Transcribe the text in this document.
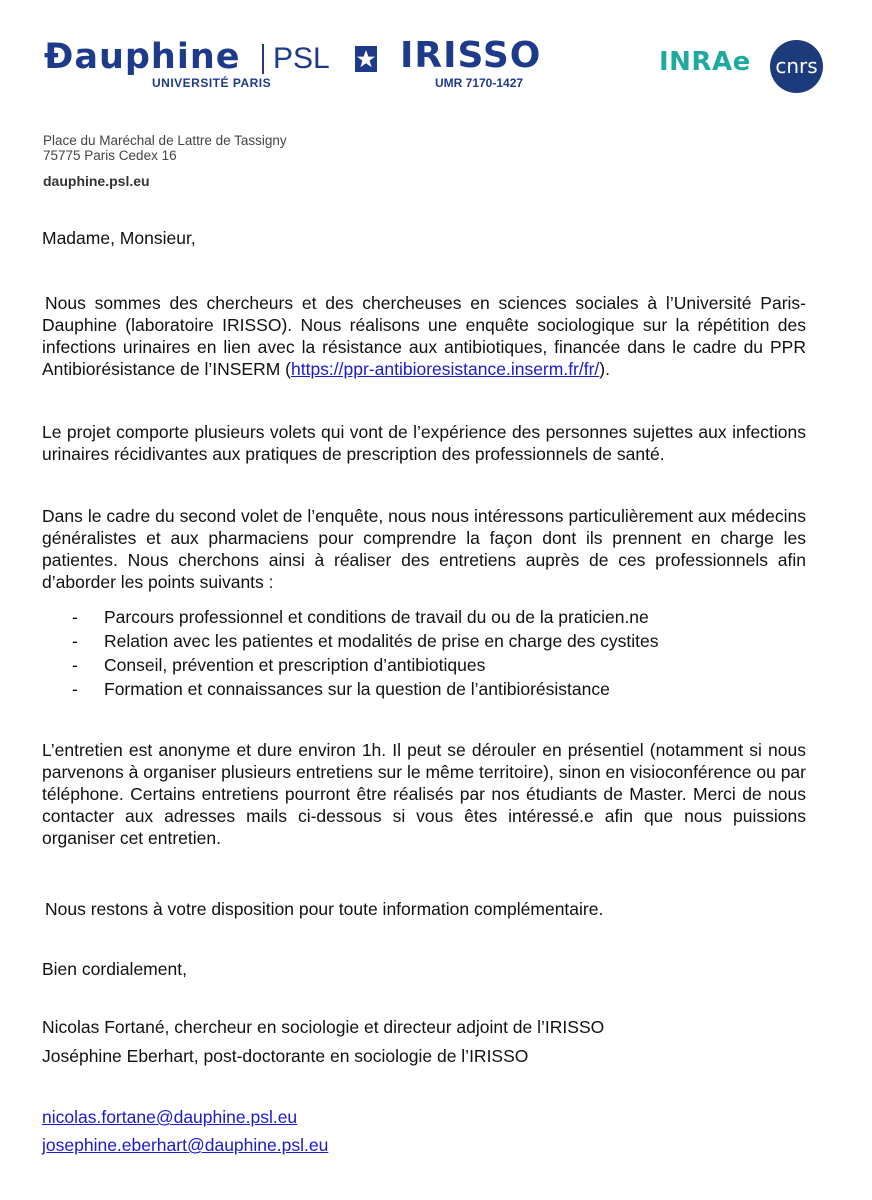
Ɖauphine
UNIVERSITÉ PARIS
PSL IRISSO
UMR 7170-1427
INRAe cnrs
Place du Maréchal de Lattre de Tassigny
75775 Paris Cedex 16
dauphine.psl.eu
Madame, Monsieur,
Nous sommes des chercheurs et des chercheuses en sciences sociales à l’Université Paris-Dauphine (laboratoire IRISSO). Nous réalisons une enquête sociologique sur la répétition des infections urinaires en lien avec la résistance aux antibiotiques, financée dans le cadre du PPR Antibiorésistance de l’INSERM (https://ppr-antibioresistance.inserm.fr/fr/).
Le projet comporte plusieurs volets qui vont de l’expérience des personnes sujettes aux infections urinaires récidivantes aux pratiques de prescription des professionnels de santé.
Dans le cadre du second volet de l’enquête, nous nous intéressons particulièrement aux médecins généralistes et aux pharmaciens pour comprendre la façon dont ils prennent en charge les patientes. Nous cherchons ainsi à réaliser des entretiens auprès de ces professionnels afin d’aborder les points suivants :
- Parcours professionnel et conditions de travail du ou de la praticien.ne
- Relation avec les patientes et modalités de prise en charge des cystites
- Conseil, prévention et prescription d’antibiotiques
- Formation et connaissances sur la question de l’antibiorésistance
L’entretien est anonyme et dure environ 1h. Il peut se dérouler en présentiel (notamment si nous parvenons à organiser plusieurs entretiens sur le même territoire), sinon en visioconférence ou par téléphone. Certains entretiens pourront être réalisés par nos étudiants de Master. Merci de nous contacter aux adresses mails ci-dessous si vous êtes intéressé.e afin que nous puissions organiser cet entretien.
Nous restons à votre disposition pour toute information complémentaire.
Bien cordialement,
Nicolas Fortané, chercheur en sociologie et directeur adjoint de l’IRISSO
Joséphine Eberhart, post-doctorante en sociologie de l’IRISSO
nicolas.fortane@dauphine.psl.eu
josephine.eberhart@dauphine.psl.eu
